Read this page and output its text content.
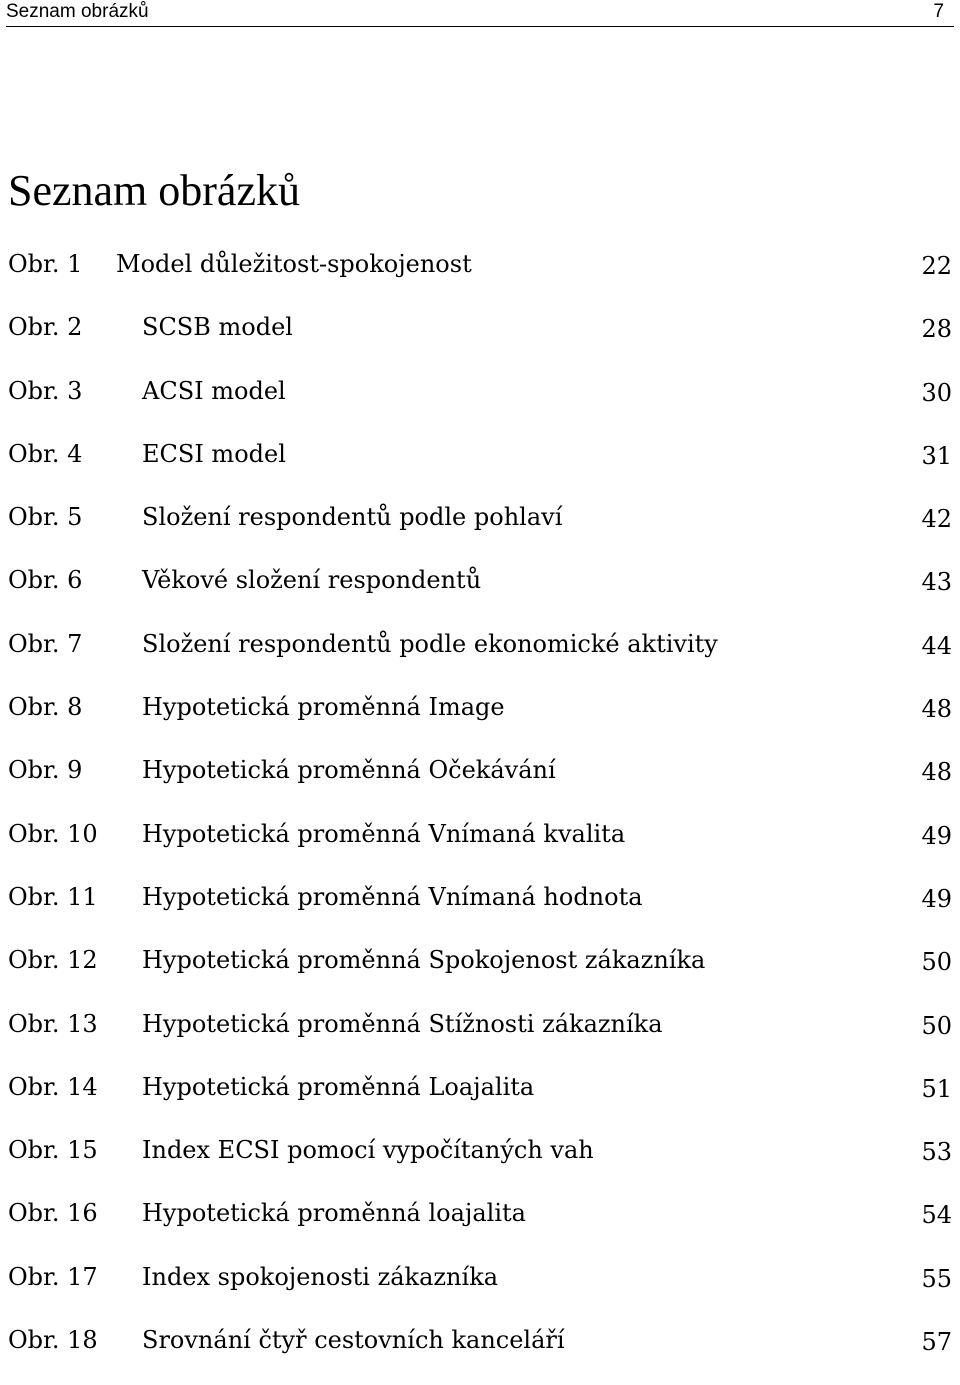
Seznam obrázků	7
Seznam obrázků
Obr. 1 Model důležitost-spokojenost	22
Obr. 2 SCSB model	28
Obr. 3 ACSI model	30
Obr. 4 ECSI model	31
Obr. 5 Složení respondentů podle pohlaví	42
Obr. 6 Věkové složení respondentů	43
Obr. 7 Složení respondentů podle ekonomické aktivity	44
Obr. 8 Hypotetická proměnná Image	48
Obr. 9 Hypotetická proměnná Očekávání	48
Obr. 10 Hypotetická proměnná Vnímaná kvalita	49
Obr. 11 Hypotetická proměnná Vnímaná hodnota	49
Obr. 12 Hypotetická proměnná Spokojenost zákazníka	50
Obr. 13 Hypotetická proměnná Stížnosti zákazníka	50
Obr. 14 Hypotetická proměnná Loajalita	51
Obr. 15 Index ECSI pomocí vypočítaných vah	53
Obr. 16 Hypotetická proměnná loajalita	54
Obr. 17 Index spokojenosti zákazníka	55
Obr. 18 Srovnání čtyř cestovních kanceláří	57
